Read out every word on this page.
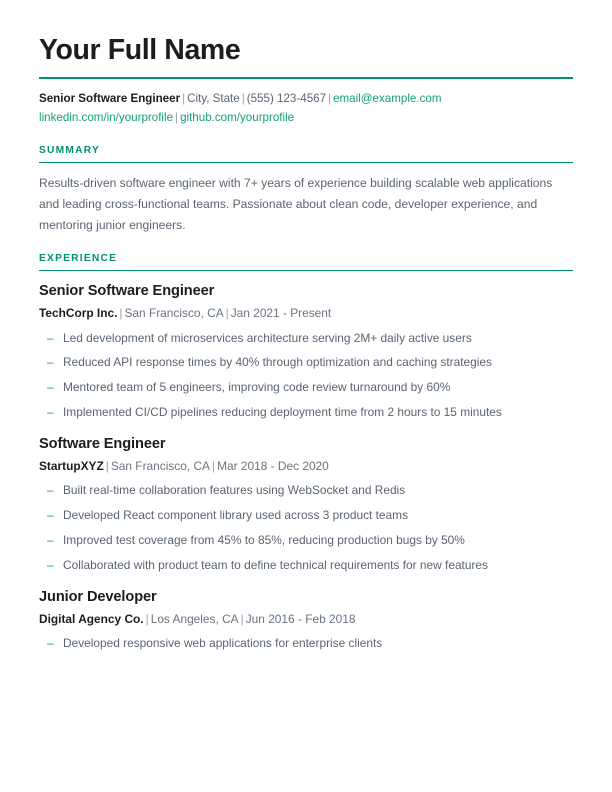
Your Full Name
Senior Software Engineer | City, State | (555) 123-4567 | email@example.com
linkedin.com/in/yourprofile | github.com/yourprofile
SUMMARY
Results-driven software engineer with 7+ years of experience building scalable web applications and leading cross-functional teams. Passionate about clean code, developer experience, and mentoring junior engineers.
EXPERIENCE
Senior Software Engineer
TechCorp Inc. | San Francisco, CA | Jan 2021 - Present
– Led development of microservices architecture serving 2M+ daily active users
– Reduced API response times by 40% through optimization and caching strategies
– Mentored team of 5 engineers, improving code review turnaround by 60%
– Implemented CI/CD pipelines reducing deployment time from 2 hours to 15 minutes
Software Engineer
StartupXYZ | San Francisco, CA | Mar 2018 - Dec 2020
– Built real-time collaboration features using WebSocket and Redis
– Developed React component library used across 3 product teams
– Improved test coverage from 45% to 85%, reducing production bugs by 50%
– Collaborated with product team to define technical requirements for new features
Junior Developer
Digital Agency Co. | Los Angeles, CA | Jun 2016 - Feb 2018
– Developed responsive web applications for enterprise clients
